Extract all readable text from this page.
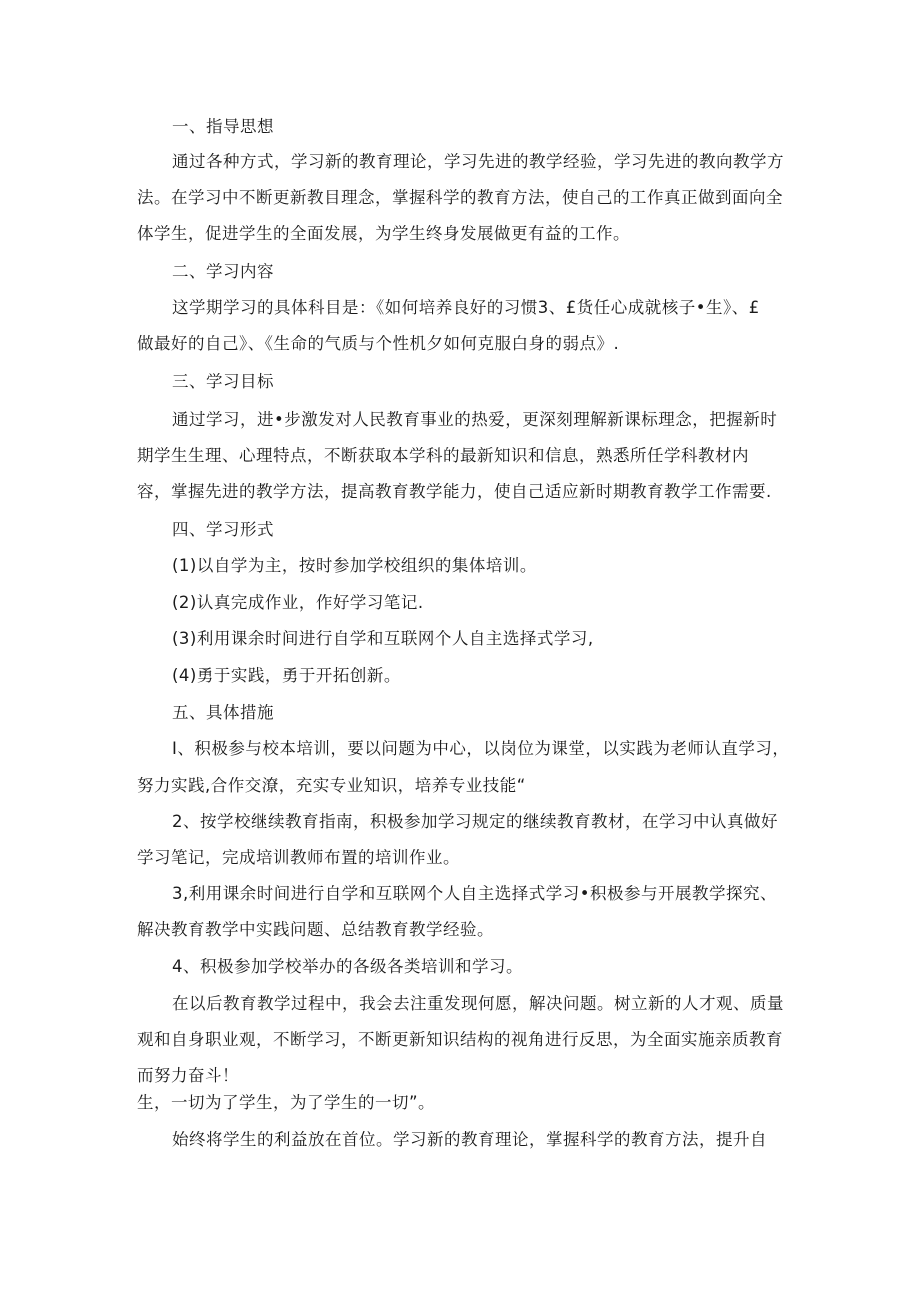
一、指导思想
通过各种方式，学习新的教育理论，学习先进的教学经验，学习先进的教向教学方
法。在学习中不断更新教目理念，掌握科学的教育方法，使自己的工作真正做到面向全
体学生，促进学生的全面发展，为学生终身发展做更有益的工作。
二、学习内容
这学期学习的具体科目是：《如何培养良好的习惯3、£货任心成就核子•生》、£
做最好的自己》、《生命的气质与个性机夕如何克服白身的弱点》.
三、学习目标
通过学习，进•步激发对人民教育事业的热爱，更深刻理解新课标理念，把握新时
期学生生理、心理特点，不断获取本学科的最新知识和信息，熟悉所任学科教材内
容，掌握先进的教学方法，提高教育教学能力，使自己适应新时期教育教学工作需要.
四、学习形式
(1)以自学为主，按时参加学校组织的集体培训。
(2)认真完成作业，作好学习笔记.
(3)利用课余时间进行自学和互联网个人自主选择式学习,
(4)勇于实践，勇于开拓创新。
五、具体措施
I、积极参与校本培训，要以问题为中心，以岗位为课堂，以实践为老师认直学习，
努力实践,合作交潦，充实专业知识，培养专业技能“
2、按学校继续教育指南，积极参加学习规定的继续教育教材，在学习中认真做好
学习笔记，完成培训教师布置的培训作业。
3,利用课余时间进行自学和互联网个人自主选择式学习•积极参与开展教学探究、
解决教育教学中实践问题、总结教育教学经验。
4、积极参加学校举办的各级各类培训和学习。
在以后教育教学过程中，我会去注重发现何愿，解决问题。树立新的人才观、质量
观和自身职业观，不断学习，不断更新知识结构的视角进行反思，为全面实施亲质教育
而努力奋斗！
生，一切为了学生，为了学生的一切”。
始终将学生的利益放在首位。学习新的教育理论，掌握科学的教育方法，提升自
